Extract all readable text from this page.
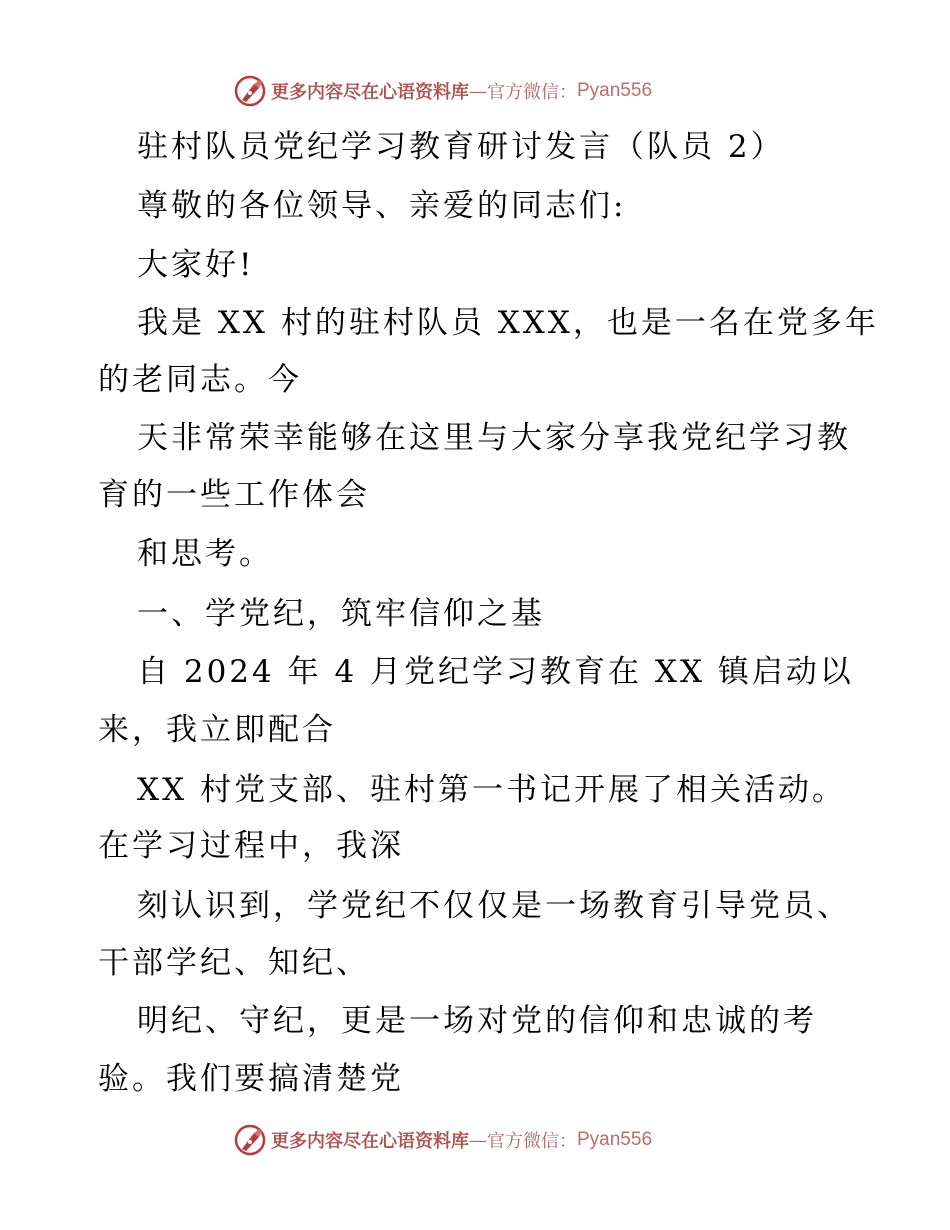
更多内容尽在心语资料库 — 官方微信： Pyan556
驻村队员党纪学习教育研讨发言（队员 2）
尊敬的各位领导、亲爱的同志们:
大家好!
我是 XX 村的驻村队员 XXX，也是一名在党多年
的老同志。今
天非常荣幸能够在这里与大家分享我党纪学习教
育的一些工作体会
和思考。
一、学党纪，筑牢信仰之基
自 2024 年 4 月党纪学习教育在 XX 镇启动以
来，我立即配合
XX 村党支部、驻村第一书记开展了相关活动。
在学习过程中，我深
刻认识到，学党纪不仅仅是一场教育引导党员、
干部学纪、知纪、
明纪、守纪，更是一场对党的信仰和忠诚的考
验。我们要搞清楚党
更多内容尽在心语资料库 — 官方微信： Pyan556
